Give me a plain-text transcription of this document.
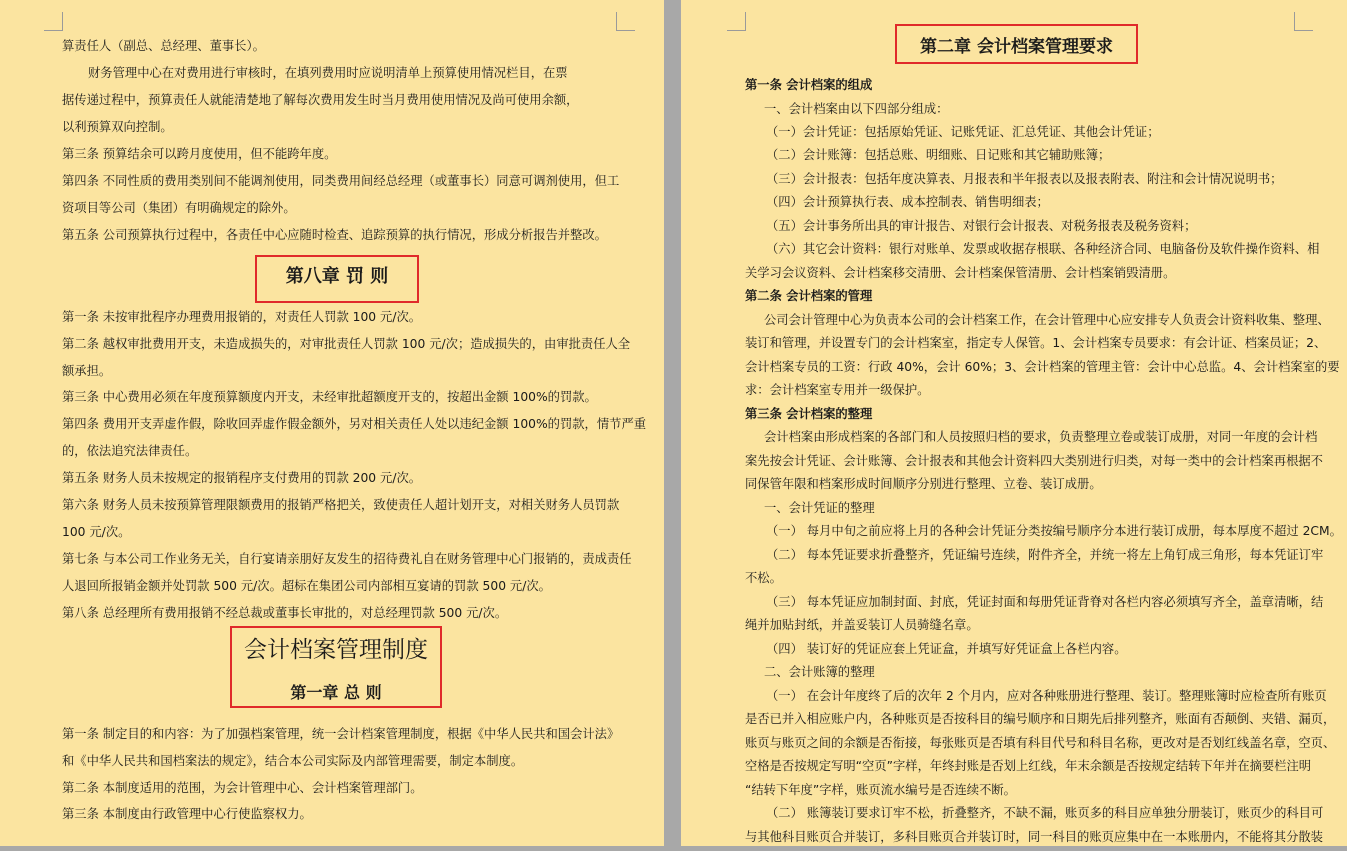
算责任人（副总、总经理、董事长）。
财务管理中心在对费用进行审核时，在填列费用时应说明清单上预算使用情况栏目，在票
据传递过程中，预算责任人就能清楚地了解每次费用发生时当月费用使用情况及尚可使用余额，
以利预算双向控制。
第三条 预算结余可以跨月度使用，但不能跨年度。
第四条 不同性质的费用类别间不能调剂使用，同类费用间经总经理（或董事长）同意可调剂使用，但工
资项目等公司（集团）有明确规定的除外。
第五条 公司预算执行过程中，各责任中心应随时检查、追踪预算的执行情况，形成分析报告并整改。
第八章 罚 则
第一条 未按审批程序办理费用报销的，对责任人罚款 100 元/次。
第二条 越权审批费用开支，未造成损失的，对审批责任人罚款 100 元/次；造成损失的，由审批责任人全
额承担。
第三条 中心费用必须在年度预算额度内开支，未经审批超额度开支的，按超出金额 100%的罚款。
第四条 费用开支弄虚作假，除收回弄虚作假金额外，另对相关责任人处以违纪金额 100%的罚款，情节严重
的，依法追究法律责任。
第五条 财务人员未按规定的报销程序支付费用的罚款 200 元/次。
第六条 财务人员未按预算管理限额费用的报销严格把关，致使责任人超计划开支，对相关财务人员罚款
100 元/次。
第七条 与本公司工作业务无关，自行宴请亲朋好友发生的招待费礼自在财务管理中心门报销的，责成责任
人退回所报销金额并处罚款 500 元/次。超标在集团公司内部相互宴请的罚款 500 元/次。
第八条 总经理所有费用报销不经总裁或董事长审批的，对总经理罚款 500 元/次。
会计档案管理制度
第一章 总 则
第一条 制定目的和内容：为了加强档案管理，统一会计档案管理制度，根据《中华人民共和国会计法》
和《中华人民共和国档案法的规定》，结合本公司实际及内部管理需要，制定本制度。
第二条 本制度适用的范围，为会计管理中心、会计档案管理部门。
第三条 本制度由行政管理中心行使监察权力。
第二章 会计档案管理要求
第一条 会计档案的组成
一、会计档案由以下四部分组成：
（一）会计凭证：包括原始凭证、记账凭证、汇总凭证、其他会计凭证；
（二）会计账簿：包括总账、明细账、日记账和其它辅助账簿；
（三）会计报表：包括年度决算表、月报表和半年报表以及报表附表、附注和会计情况说明书；
（四）会计预算执行表、成本控制表、销售明细表；
（五）会计事务所出具的审计报告、对银行会计报表、对税务报表及税务资料；
（六）其它会计资料：银行对账单、发票或收据存根联、各种经济合同、电脑备份及软件操作资料、相
关学习会议资料、会计档案移交清册、会计档案保管清册、会计档案销毁清册。
第二条 会计档案的管理
公司会计管理中心为负责本公司的会计档案工作，在会计管理中心应安排专人负责会计资料收集、整理、
装订和管理，并设置专门的会计档案室，指定专人保管。1、会计档案专员要求：有会计证、档案员证；2、
会计档案专员的工资：行政 40%，会计 60%；3、会计档案的管理主管：会计中心总监。4、会计档案室的要
求：会计档案室专用并一级保护。
第三条 会计档案的整理
会计档案由形成档案的各部门和人员按照归档的要求，负责整理立卷或装订成册，对同一年度的会计档
案先按会计凭证、会计账簿、会计报表和其他会计资料四大类别进行归类，对每一类中的会计档案再根据不
同保管年限和档案形成时间顺序分别进行整理、立卷、装订成册。
一、会计凭证的整理
（一） 每月中旬之前应将上月的各种会计凭证分类按编号顺序分本进行装订成册，每本厚度不超过 2CM。
（二） 每本凭证要求折叠整齐，凭证编号连续，附件齐全，并统一将左上角钉成三角形，每本凭证订牢
不松。
（三） 每本凭证应加制封面、封底，凭证封面和每册凭证背脊对各栏内容必须填写齐全，盖章清晰，结
绳并加贴封纸，并盖妥装订人员骑缝名章。
（四） 装订好的凭证应套上凭证盒，并填写好凭证盒上各栏内容。
二、会计账簿的整理
（一） 在会计年度终了后的次年 2 个月内，应对各种账册进行整理、装订。整理账簿时应检查所有账页
是否已并入相应账户内，各种账页是否按科目的编号顺序和日期先后排列整齐，账面有否颠倒、夹错、漏页，
账页与账页之间的余额是否衔接，每张账页是否填有科目代号和科目名称，更改对是否划红线盖名章，空页、
空格是否按规定写明“空页”字样，年终封账是否划上红线，年末余额是否按规定结转下年并在摘要栏注明
“结转下年度”字样，账页流水编号是否连续不断。
（二） 账簿装订要求订牢不松，折叠整齐，不缺不漏，账页多的科目应单独分册装订，账页少的科目可
与其他科目账页合并装订，多科目账页合并装订时，同一科目的账页应集中在一本账册内，不能将其分散装
